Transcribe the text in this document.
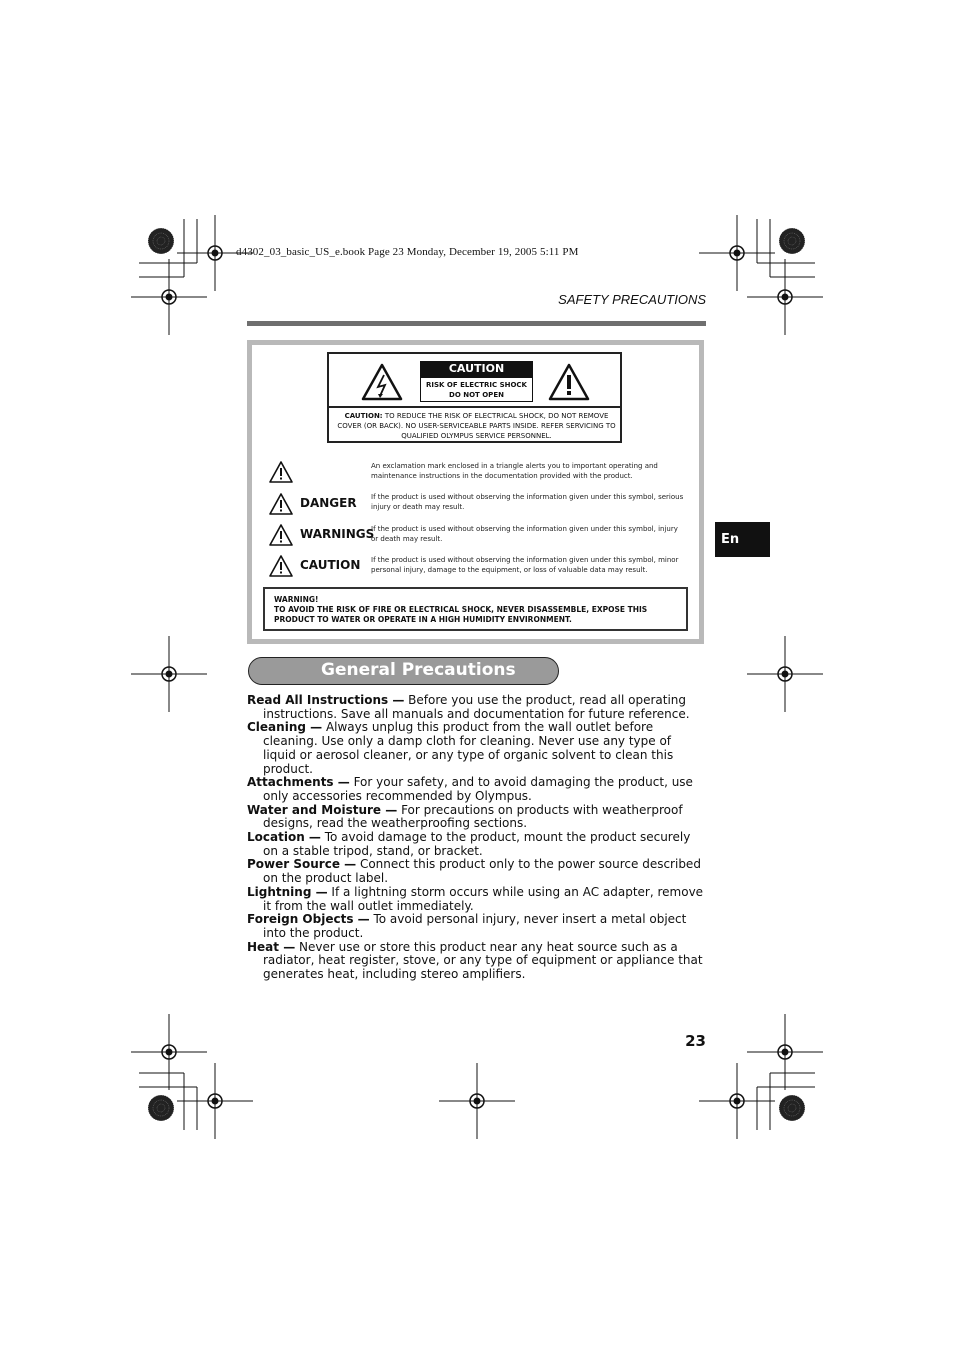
d4302_03_basic_US_e.book Page 23 Monday, December 19, 2005 5:11 PM
SAFETY PRECAUTIONS
CAUTION
RISK OF ELECTRIC SHOCK
DO NOT OPEN
CAUTION: TO REDUCE THE RISK OF ELECTRICAL SHOCK, DO NOT REMOVE COVER (OR BACK). NO USER-SERVICEABLE PARTS INSIDE. REFER SERVICING TO QUALIFIED OLYMPUS SERVICE PERSONNEL.
An exclamation mark enclosed in a triangle alerts you to important operating and maintenance instructions in the documentation provided with the product.
DANGER If the product is used without observing the information given under this symbol, serious injury or death may result.
WARNINGS
If the product is used without observing the information given under this symbol, injury or death may result.
CAUTION If the product is used without observing the information given under this symbol, minor personal injury, damage to the equipment, or loss of valuable data may result.
WARNING!
TO AVOID THE RISK OF FIRE OR ELECTRICAL SHOCK, NEVER DISASSEMBLE, EXPOSE THIS PRODUCT TO WATER OR OPERATE IN A HIGH HUMIDITY ENVIRONMENT.
En
General Precautions
Read All Instructions — Before you use the product, read all operating instructions. Save all manuals and documentation for future reference.
Cleaning — Always unplug this product from the wall outlet before cleaning. Use only a damp cloth for cleaning. Never use any type of liquid or aerosol cleaner, or any type of organic solvent to clean this product.
Attachments — For your safety, and to avoid damaging the product, use only accessories recommended by Olympus.
Water and Moisture — For precautions on products with weatherproof designs, read the weatherproofing sections.
Location — To avoid damage to the product, mount the product securely on a stable tripod, stand, or bracket.
Power Source — Connect this product only to the power source described on the product label.
Lightning — If a lightning storm occurs while using an AC adapter, remove it from the wall outlet immediately.
Foreign Objects — To avoid personal injury, never insert a metal object into the product.
Heat — Never use or store this product near any heat source such as a radiator, heat register, stove, or any type of equipment or appliance that generates heat, including stereo amplifiers.
23
